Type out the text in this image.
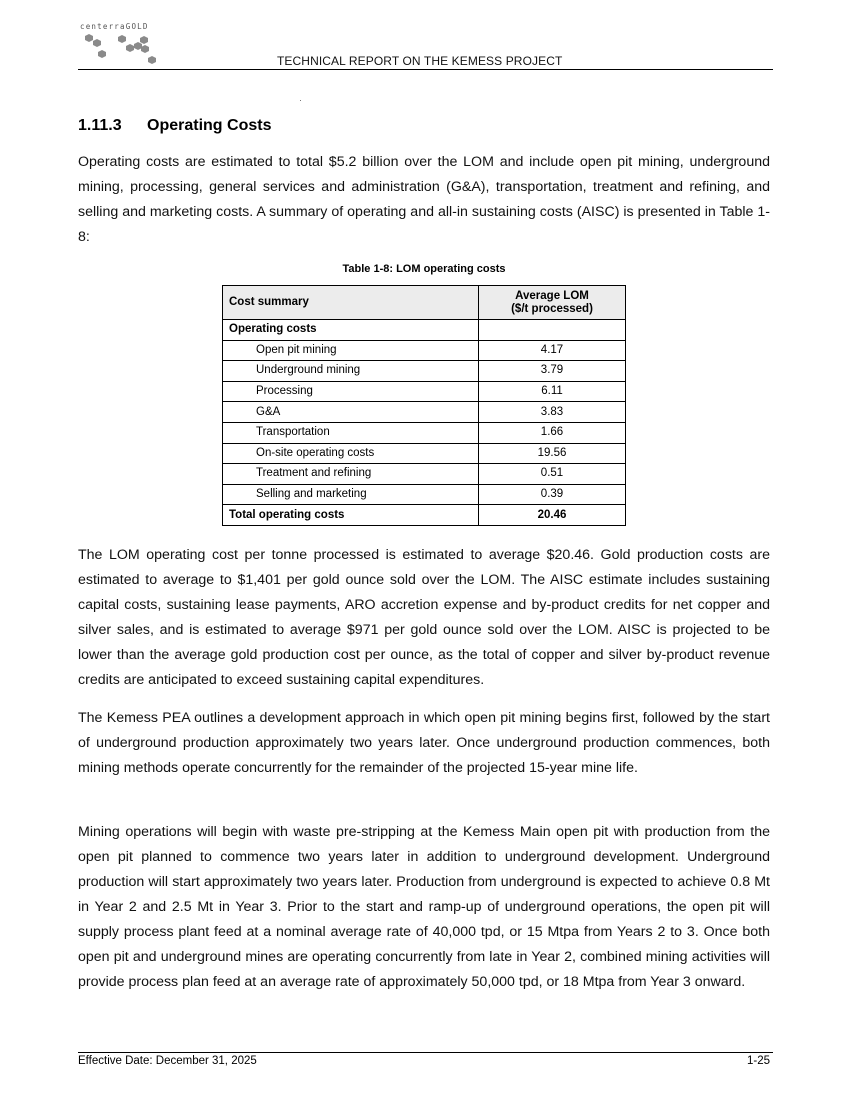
centerraGOLD
TECHNICAL REPORT ON THE KEMESS PROJECT
1.11.3 Operating Costs

Operating costs are estimated to total $5.2 billion over the LOM and include open pit mining, underground mining, processing, general services and administration (G&A), transportation, treatment and refining, and selling and marketing costs. A summary of operating and all-in sustaining costs (AISC) is presented in Table 1-8:

Table 1-8: LOM operating costs
Cost summary	Average LOM
($/t processed)
Operating costs	
Open pit mining	4.17
Underground mining	3.79
Processing	6.11
G&A	3.83
Transportation	1.66
On-site operating costs	19.56
Treatment and refining	0.51
Selling and marketing	0.39
Total operating costs	20.46

The LOM operating cost per tonne processed is estimated to average $20.46. Gold production costs are estimated to average to $1,401 per gold ounce sold over the LOM. The AISC estimate includes sustaining capital costs, sustaining lease payments, ARO accretion expense and by-product credits for net copper and silver sales, and is estimated to average $971 per gold ounce sold over the LOM. AISC is projected to be lower than the average gold production cost per ounce, as the total of copper and silver by-product revenue credits are anticipated to exceed sustaining capital expenditures.

The Kemess PEA outlines a development approach in which open pit mining begins first, followed by the start of underground production approximately two years later. Once underground production commences, both mining methods operate concurrently for the remainder of the projected 15-year mine life.

Mining operations will begin with waste pre-stripping at the Kemess Main open pit with production from the open pit planned to commence two years later in addition to underground development. Underground production will start approximately two years later. Production from underground is expected to achieve 0.8 Mt in Year 2 and 2.5 Mt in Year 3. Prior to the start and ramp-up of underground operations, the open pit will supply process plant feed at a nominal average rate of 40,000 tpd, or 15 Mtpa from Years 2 to 3. Once both open pit and underground mines are operating concurrently from late in Year 2, combined mining activities will provide process plan feed at an average rate of approximately 50,000 tpd, or 18 Mtpa from Year 3 onward.

Effective Date: December 31, 2025	1-25
